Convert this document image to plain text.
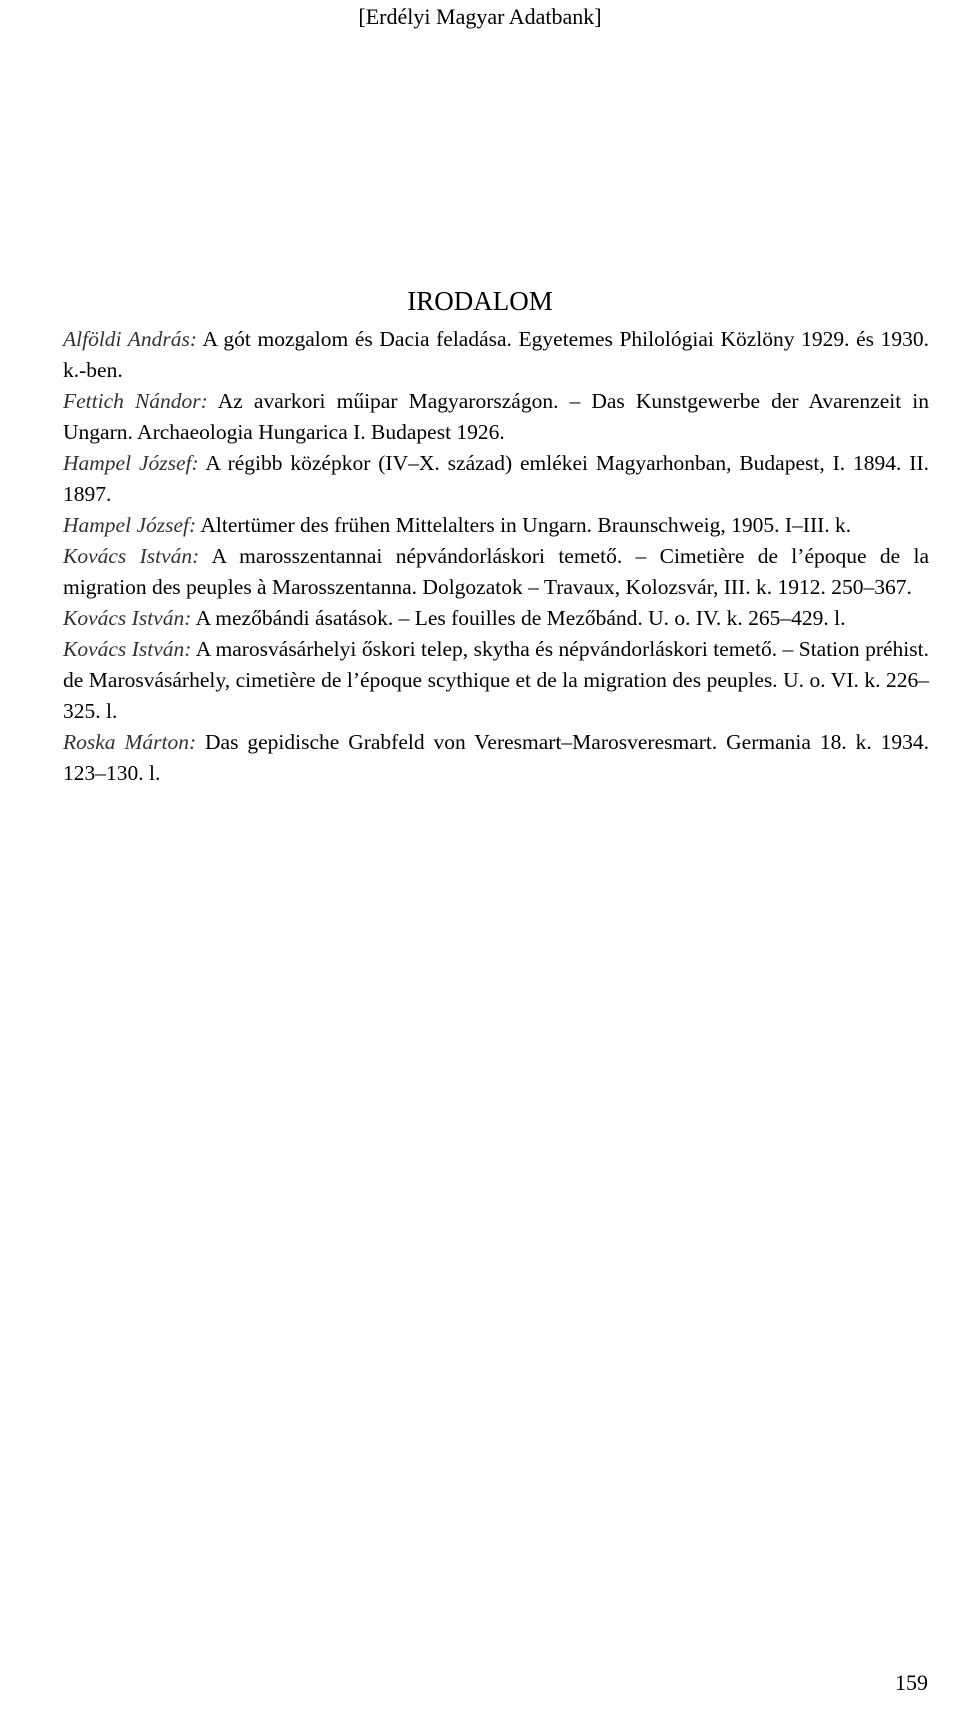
[Erdélyi Magyar Adatbank]
IRODALOM

Alföldi András: A gót mozgalom és Dacia feladása. Egyetemes Philológiai Közlöny 1929. és 1930. k.-ben.

Fettich Nándor: Az avarkori műipar Magyarországon. – Das Kunstgewerbe der Avarenzeit in Ungarn. Archaeologia Hungarica I. Budapest 1926.

Hampel József: A régibb középkor (IV–X. század) emlékei Magyarhonban, Budapest, I. 1894. II. 1897.

Hampel József: Altertümer des frühen Mittelalters in Ungarn. Braunschweig, 1905. I–III. k.

Kovács István: A marosszentannai népvándorláskori temető. – Cimetière de l’époque de la migration des peuples à Marosszentanna. Dolgozatok – Travaux, Kolozsvár, III. k. 1912. 250–367.

Kovács István: A mezőbándi ásatások. – Les fouilles de Mezőbánd. U. o. IV. k. 265–429. l.

Kovács István: A marosvásárhelyi őskori telep, skytha és népvándorláskori temető. – Station préhist. de Marosvásárhely, cimetière de l’époque scythique et de la migration des peuples. U. o. VI. k. 226–325. l.

Roska Márton: Das gepidische Grabfeld von Veresmart–Marosveresmart. Germania 18. k. 1934. 123–130. l.

159
